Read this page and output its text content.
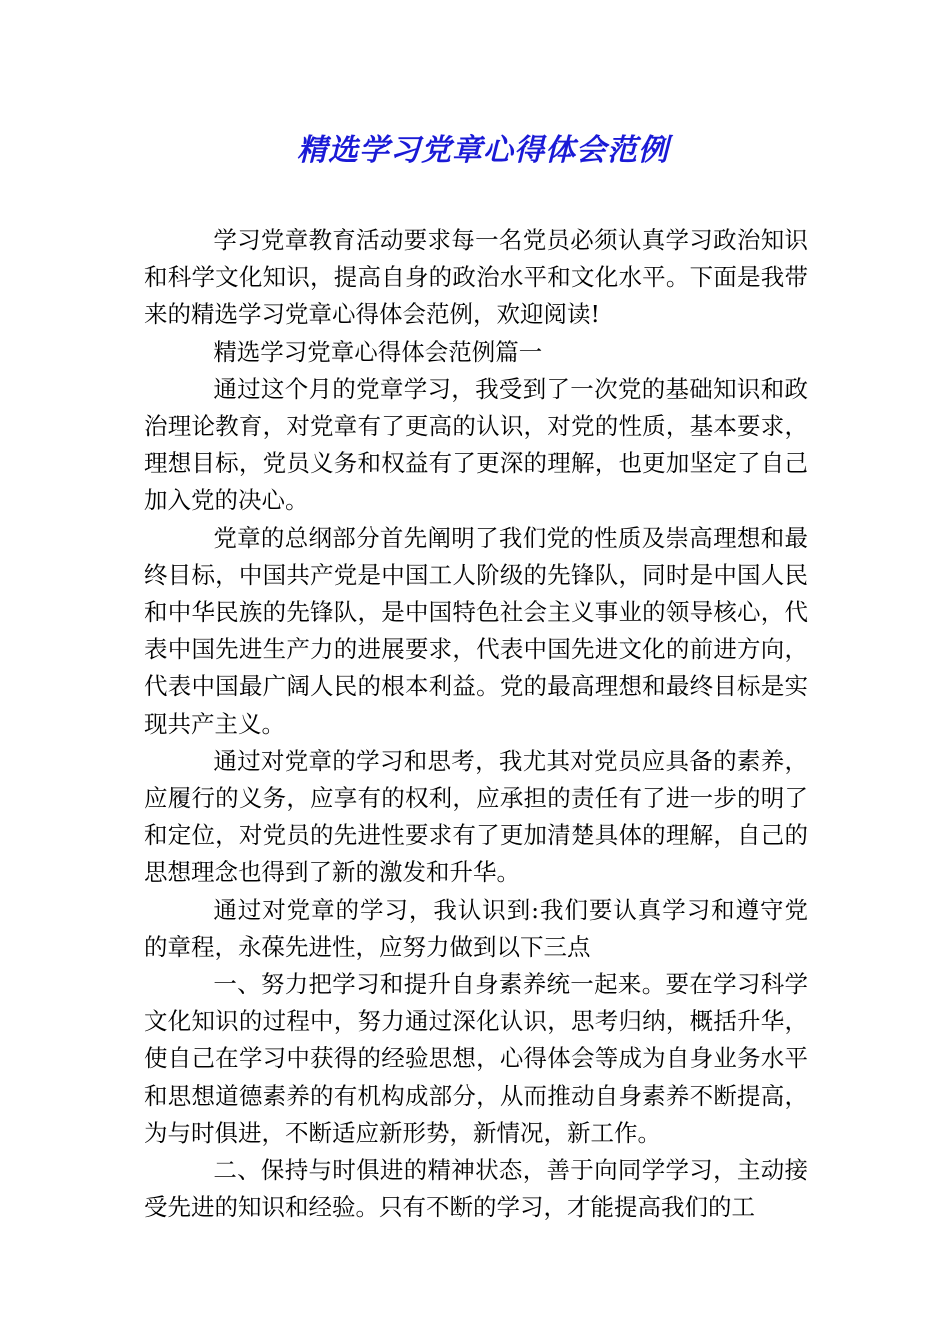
精选学习党章心得体会范例

学习党章教育活动要求每一名党员必须认真学习政治知识和科学文化知识，提高自身的政治水平和文化水平。下面是我带来的精选学习党章心得体会范例，欢迎阅读!

精选学习党章心得体会范例篇一

通过这个月的党章学习，我受到了一次党的基础知识和政治理论教育，对党章有了更高的认识，对党的性质，基本要求，理想目标，党员义务和权益有了更深的理解，也更加坚定了自己加入党的决心。

党章的总纲部分首先阐明了我们党的性质及崇高理想和最终目标，中国共产党是中国工人阶级的先锋队，同时是中国人民和中华民族的先锋队，是中国特色社会主义事业的领导核心，代表中国先进生产力的进展要求，代表中国先进文化的前进方向，代表中国最广阔人民的根本利益。党的最高理想和最终目标是实现共产主义。

通过对党章的学习和思考，我尤其对党员应具备的素养，应履行的义务，应享有的权利，应承担的责任有了进一步的明了和定位，对党员的先进性要求有了更加清楚具体的理解，自己的思想理念也得到了新的激发和升华。

通过对党章的学习，我认识到:我们要认真学习和遵守党的章程，永葆先进性，应努力做到以下三点

一、努力把学习和提升自身素养统一起来。要在学习科学文化知识的过程中，努力通过深化认识，思考归纳，概括升华，使自己在学习中获得的经验思想，心得体会等成为自身业务水平和思想道德素养的有机构成部分，从而推动自身素养不断提高，为与时俱进，不断适应新形势，新情况，新工作。

二、保持与时俱进的精神状态，善于向同学学习，主动接受先进的知识和经验。只有不断的学习，才能提高我们的工
